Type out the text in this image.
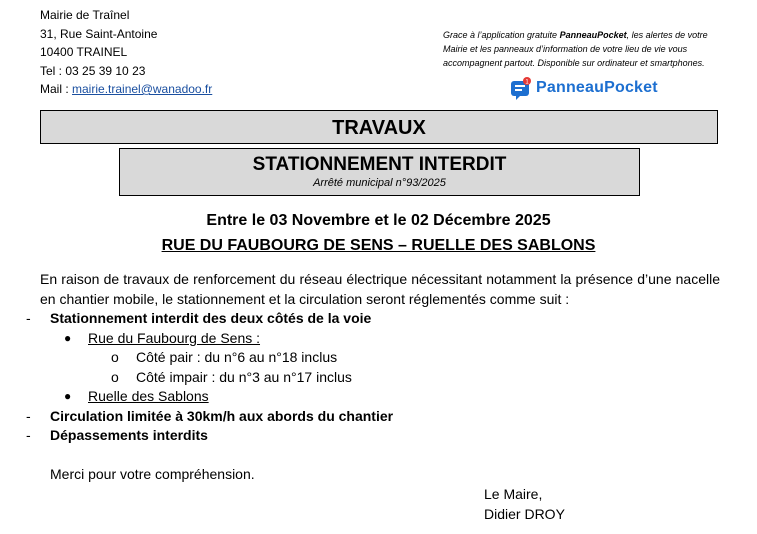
Mairie de Traînel
31, Rue Saint-Antoine
10400 TRAINEL
Tel : 03 25 39 10 23
Mail : mairie.trainel@wanadoo.fr
Grace à l’application gratuite PanneauPocket, les alertes de votre Mairie et les panneaux d’information de votre lieu de vie vous accompagnent partout. Disponible sur ordinateur et smartphones.
1 PanneauPocket
TRAVAUX
STATIONNEMENT INTERDIT
Arrêté municipal n°93/2025
Entre le 03 Novembre et le 02 Décembre 2025
RUE DU FAUBOURG DE SENS – RUELLE DES SABLONS
En raison de travaux de renforcement du réseau électrique nécessitant notamment la présence d’une nacelle en chantier mobile, le stationnement et la circulation seront réglementés comme suit :
- Stationnement interdit des deux côtés de la voie
● Rue du Faubourg de Sens :
o Côté pair : du n°6 au n°18 inclus
o Côté impair : du n°3 au n°17 inclus
● Ruelle des Sablons
- Circulation limitée à 30km/h aux abords du chantier
- Dépassements interdits
Merci pour votre compréhension.
Le Maire,
Didier DROY
